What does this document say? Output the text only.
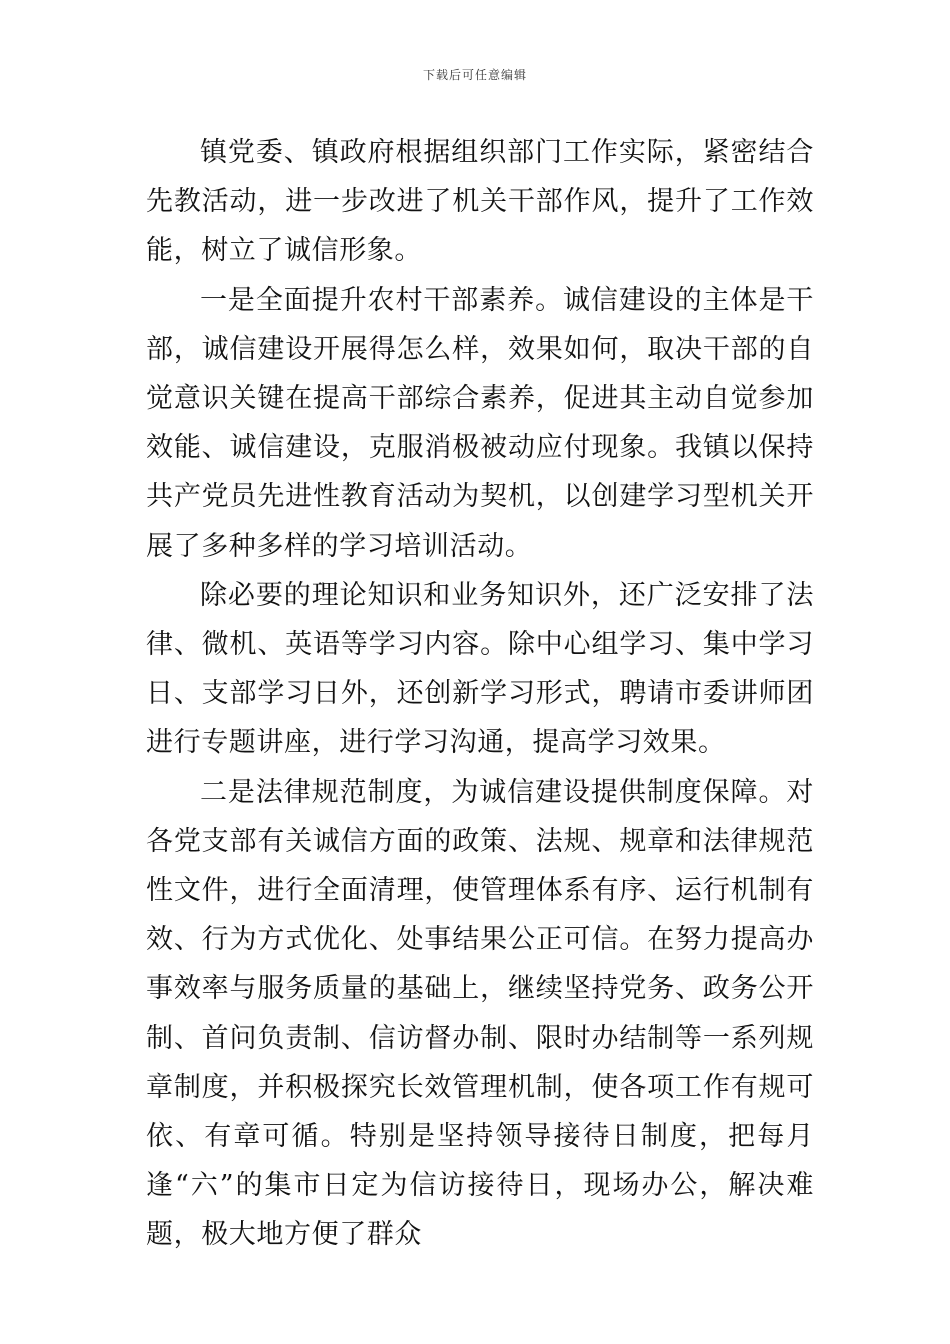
下载后可任意编辑

镇党委、镇政府根据组织部门工作实际，紧密结合先教活动，进一步改进了机关干部作风，提升了工作效能，树立了诚信形象。

一是全面提升农村干部素养。诚信建设的主体是干部，诚信建设开展得怎么样，效果如何，取决干部的自觉意识关键在提高干部综合素养，促进其主动自觉参加效能、诚信建设，克服消极被动应付现象。我镇以保持共产党员先进性教育活动为契机，以创建学习型机关开展了多种多样的学习培训活动。

除必要的理论知识和业务知识外，还广泛安排了法律、微机、英语等学习内容。除中心组学习、集中学习日、支部学习日外，还创新学习形式，聘请市委讲师团进行专题讲座，进行学习沟通，提高学习效果。

二是法律规范制度，为诚信建设提供制度保障。对各党支部有关诚信方面的政策、法规、规章和法律规范性文件，进行全面清理，使管理体系有序、运行机制有效、行为方式优化、处事结果公正可信。在努力提高办事效率与服务质量的基础上，继续坚持党务、政务公开制、首问负责制、信访督办制、限时办结制等一系列规章制度，并积极探究长效管理机制，使各项工作有规可依、有章可循。特别是坚持领导接待日制度，把每月逢“六”的集市日定为信访接待日，现场办公，解决难题，极大地方便了群众
